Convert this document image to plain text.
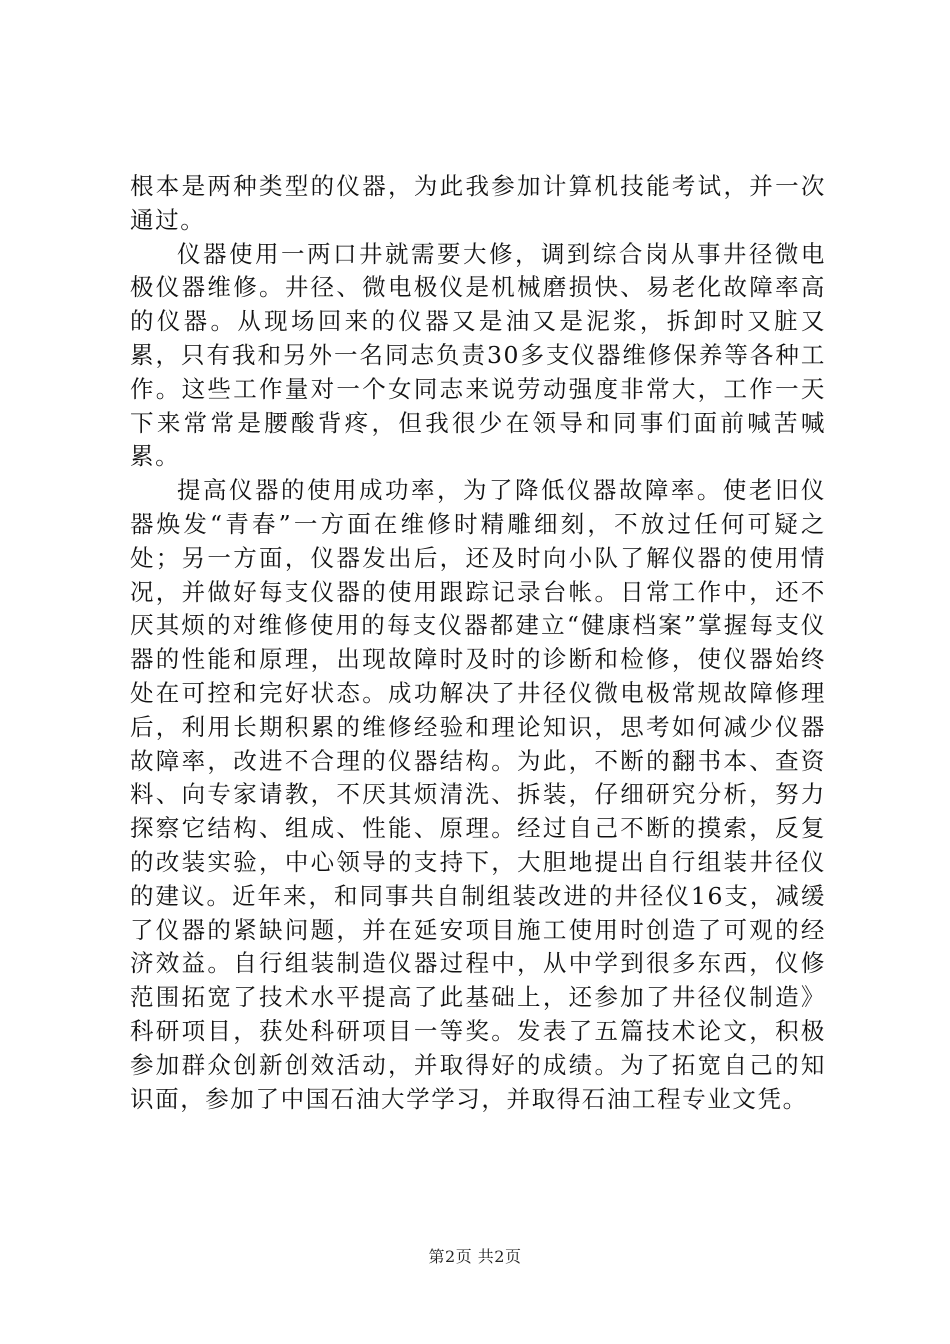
根本是两种类型的仪器，为此我参加计算机技能考试，并一次通过。

仪器使用一两口井就需要大修，调到综合岗从事井径微电极仪器维修。井径、微电极仪是机械磨损快、易老化故障率高的仪器。从现场回来的仪器又是油又是泥浆，拆卸时又脏又累，只有我和另外一名同志负责30多支仪器维修保养等各种工作。这些工作量对一个女同志来说劳动强度非常大，工作一天下来常常是腰酸背疼，但我很少在领导和同事们面前喊苦喊累。

提高仪器的使用成功率，为了降低仪器故障率。使老旧仪器焕发“青春”一方面在维修时精雕细刻，不放过任何可疑之处；另一方面，仪器发出后，还及时向小队了解仪器的使用情况，并做好每支仪器的使用跟踪记录台帐。日常工作中，还不厌其烦的对维修使用的每支仪器都建立“健康档案”掌握每支仪器的性能和原理，出现故障时及时的诊断和检修，使仪器始终处在可控和完好状态。成功解决了井径仪微电极常规故障修理后，利用长期积累的维修经验和理论知识，思考如何减少仪器故障率，改进不合理的仪器结构。为此，不断的翻书本、查资料、向专家请教，不厌其烦清洗、拆装，仔细研究分析，努力探察它结构、组成、性能、原理。经过自己不断的摸索，反复的改装实验，中心领导的支持下，大胆地提出自行组装井径仪的建议。近年来，和同事共自制组装改进的井径仪16支，减缓了仪器的紧缺问题，并在延安项目施工使用时创造了可观的经济效益。自行组装制造仪器过程中，从中学到很多东西，仪修范围拓宽了技术水平提高了此基础上，还参加了井径仪制造》科研项目，获处科研项目一等奖。发表了五篇技术论文，积极参加群众创新创效活动，并取得好的成绩。为了拓宽自己的知识面，参加了中国石油大学学习，并取得石油工程专业文凭。

第2页 共2页
